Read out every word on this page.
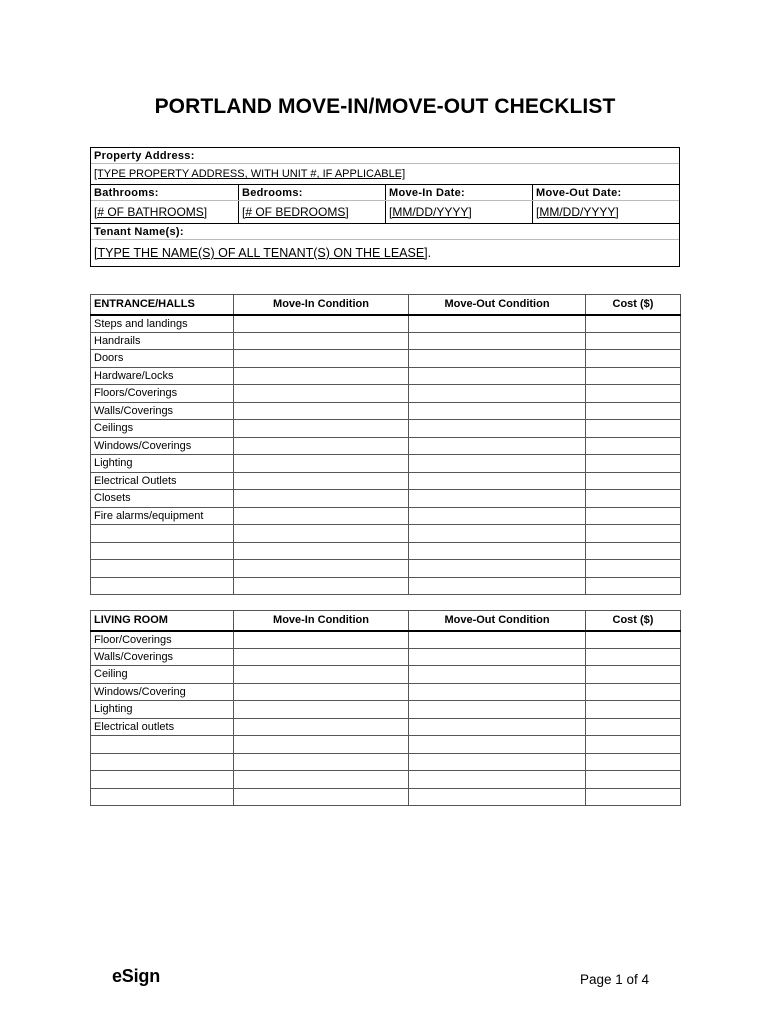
PORTLAND MOVE-IN/MOVE-OUT CHECKLIST
Property Address:
[TYPE PROPERTY ADDRESS, WITH UNIT #, IF APPLICABLE]
Bathrooms:	Bedrooms:	Move-In Date:	Move-Out Date:
[# OF BATHROOMS]	[# OF BEDROOMS]	[MM/DD/YYYY]	[MM/DD/YYYY]
Tenant Name(s):
[TYPE THE NAME(S) OF ALL TENANT(S) ON THE LEASE] .
ENTRANCE/HALLS	Move-In Condition	Move-Out Condition	Cost ($)
Steps and landings			
Handrails			
Doors			
Hardware/Locks			
Floors/Coverings			
Walls/Coverings			
Ceilings			
Windows/Coverings			
Lighting			
Electrical Outlets			
Closets			
Fire alarms/equipment			

LIVING ROOM	Move-In Condition	Move-Out Condition	Cost ($)
Floor/Coverings			
Walls/Coverings			
Ceiling			
Windows/Covering			
Lighting			
Electrical outlets			

eSign	Page 1 of 4
